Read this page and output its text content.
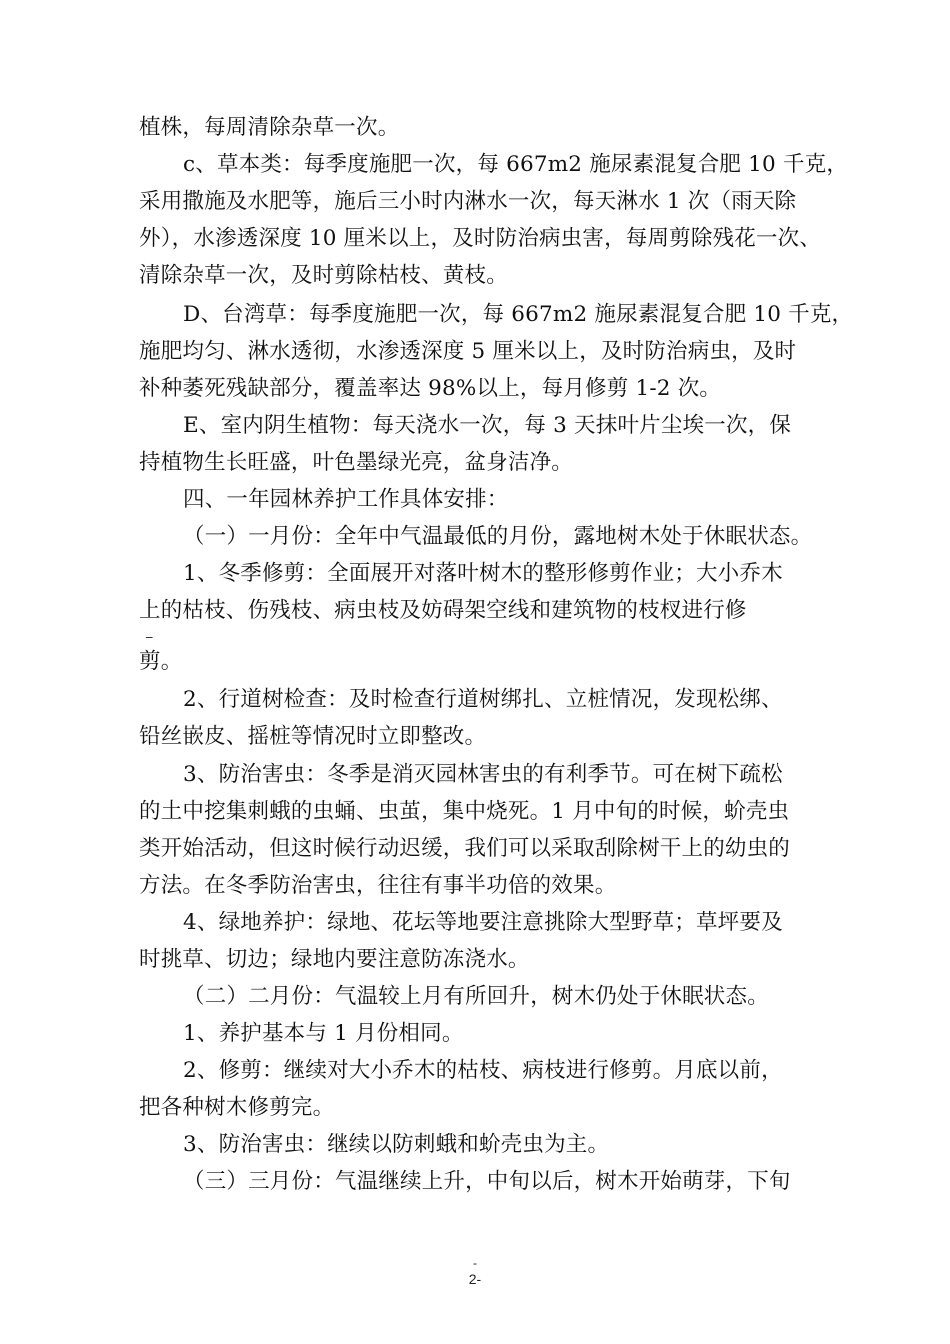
植株，每周清除杂草一次。
c、草本类：每季度施肥一次，每 667m2 施尿素混复合肥 10 千克，
采用撒施及水肥等，施后三小时内淋水一次，每天淋水 1 次（雨天除
外），水渗透深度 10 厘米以上，及时防治病虫害，每周剪除残花一次、
清除杂草一次，及时剪除枯枝、黄枝。
D、台湾草：每季度施肥一次，每 667m2 施尿素混复合肥 10 千克，
施肥均匀、淋水透彻，水渗透深度 5 厘米以上，及时防治病虫，及时
补种萎死残缺部分，覆盖率达 98%以上，每月修剪 1-2 次。
E、室内阴生植物：每天浇水一次，每 3 天抹叶片尘埃一次，保
持植物生长旺盛，叶色墨绿光亮，盆身洁净。
四、一年园林养护工作具体安排：
（一）一月份：全年中气温最低的月份，露地树木处于休眠状态。
1、冬季修剪：全面展开对落叶树木的整形修剪作业；大小乔木
上的枯枝、伤残枝、病虫枝及妨碍架空线和建筑物的枝杈进行修
ــ
剪。
2、行道树检查：及时检查行道树绑扎、立桩情况，发现松绑、
铅丝嵌皮、摇桩等情况时立即整改。
3、防治害虫：冬季是消灭园林害虫的有利季节。可在树下疏松
的土中挖集刺蛾的虫蛹、虫茧，集中烧死。1 月中旬的时候，蚧壳虫
类开始活动，但这时候行动迟缓，我们可以采取刮除树干上的幼虫的
方法。在冬季防治害虫，往往有事半功倍的效果。
4、绿地养护：绿地、花坛等地要注意挑除大型野草；草坪要及
时挑草、切边；绿地内要注意防冻浇水。
（二）二月份：气温较上月有所回升，树木仍处于休眠状态。
1、养护基本与 1 月份相同。
2、修剪：继续对大小乔木的枯枝、病枝进行修剪。月底以前，
把各种树木修剪完。
3、防治害虫：继续以防刺蛾和蚧壳虫为主。
（三）三月份：气温继续上升，中旬以后，树木开始萌芽，下旬
-
2-
